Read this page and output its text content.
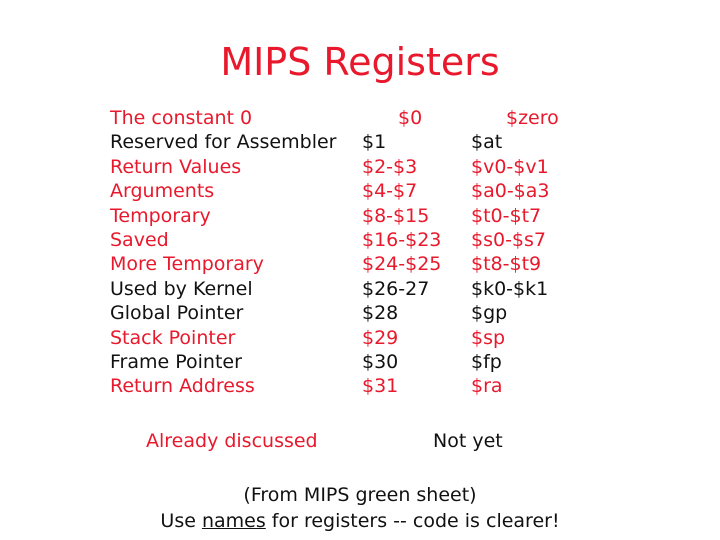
MIPS Registers
The constant 0	$0	$zero
Reserved for Assembler $1	$at
Return Values	$2-$3	$v0-$v1
Arguments	$4-$7	$a0-$a3
Temporary	$8-$15 $t0-$t7
Saved	$16-$23 $s0-$s7
More Temporary	$24-$25 $t8-$t9
Used by Kernel	$26-27 $k0-$k1
Global Pointer	$28	$gp
Stack Pointer	$29	$sp
Frame Pointer	$30	$fp
Return Address	$31	$ra
Already discussed	Not yet
(From MIPS green sheet)
Use names for registers -- code is clearer!
